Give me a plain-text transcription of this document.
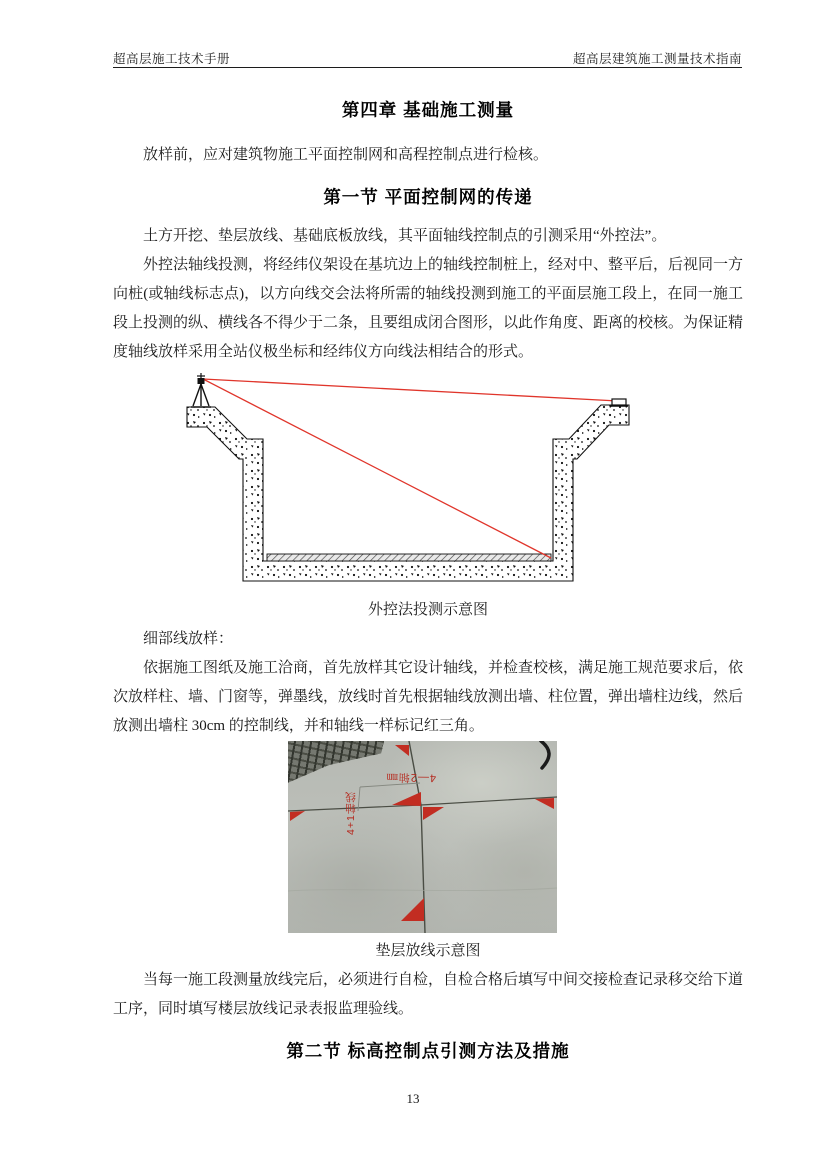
超高层施工技术手册	超高层建筑施工测量技术指南
第四章 基础施工测量

放样前，应对建筑物施工平面控制网和高程控制点进行检核。

第一节 平面控制网的传递

土方开挖、垫层放线、基础底板放线，其平面轴线控制点的引测采用“外控法”。

外控法轴线投测，将经纬仪架设在基坑边上的轴线控制桩上，经对中、整平后，后视同一方向桩(或轴线标志点)，以方向线交会法将所需的轴线投测到施工的平面层施工段上，在同一施工段上投测的纵、横线各不得少于二条，且要组成闭合图形，以此作角度、距离的校核。为保证精度轴线放样采用全站仪极坐标和经纬仪方向线法相结合的形式。

外控法投测示意图

细部线放样：

依据施工图纸及施工洽商，首先放样其它设计轴线，并检查校核，满足施工规范要求后，依次放样柱、墙、门窗等，弹墨线，放线时首先根据轴线放测出墙、柱位置，弹出墙柱边线，然后放测出墙柱 30cm 的控制线，并和轴线一样标记红三角。

4—2轴㎜
4+1轴线

垫层放线示意图

当每一施工段测量放线完后，必须进行自检，自检合格后填写中间交接检查记录移交给下道工序，同时填写楼层放线记录表报监理验线。

第二节 标高控制点引测方法及措施
13
